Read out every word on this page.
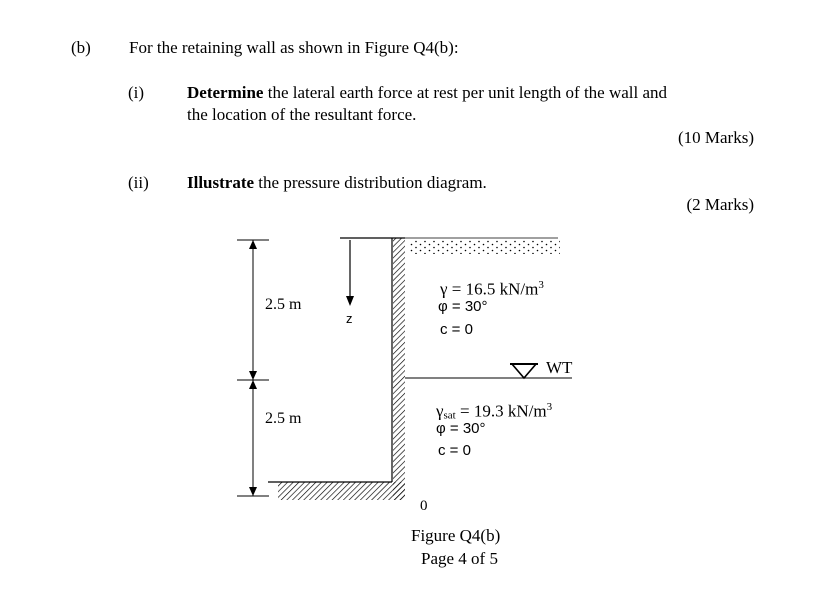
(b) For the retaining wall as shown in Figure Q4(b):
(i)	Determine the lateral earth force at rest per unit length of the wall and
the location of the resultant force.
(10 Marks)
(ii) Illustrate the pressure distribution diagram.
(2 Marks)
2.5 m
2.5 m
z
γ = 16.5 $kN/m^3$
φ = 30°
c = 0
WT
$\gamma_{sat} = 19.3$ $kN/m^3$
φ = 30°
c = 0
0
Figure Q4(b)
Page 4 of 5
